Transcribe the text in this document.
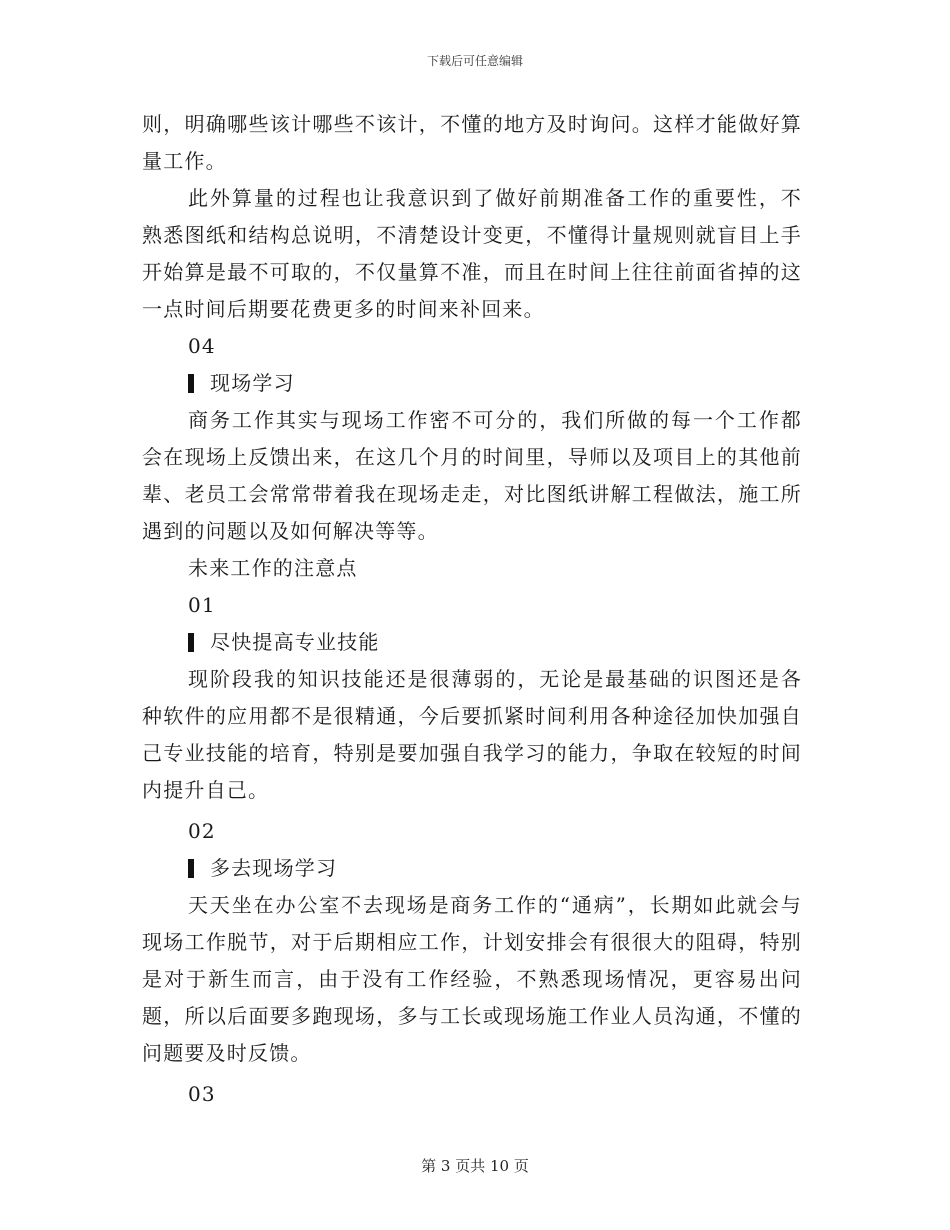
下载后可任意编辑

则，明确哪些该计哪些不该计，不懂的地方及时询问。这样才能做好算量工作。

此外算量的过程也让我意识到了做好前期准备工作的重要性，不熟悉图纸和结构总说明，不清楚设计变更，不懂得计量规则就盲目上手开始算是最不可取的，不仅量算不准，而且在时间上往往前面省掉的这一点时间后期要花费更多的时间来补回来。

04

现场学习

商务工作其实与现场工作密不可分的，我们所做的每一个工作都会在现场上反馈出来，在这几个月的时间里，导师以及项目上的其他前辈、老员工会常常带着我在现场走走，对比图纸讲解工程做法，施工所遇到的问题以及如何解决等等。

未来工作的注意点

01

尽快提高专业技能

现阶段我的知识技能还是很薄弱的，无论是最基础的识图还是各种软件的应用都不是很精通，今后要抓紧时间利用各种途径加快加强自己专业技能的培育，特别是要加强自我学习的能力，争取在较短的时间内提升自己。

02

多去现场学习

天天坐在办公室不去现场是商务工作的“通病”，长期如此就会与现场工作脱节，对于后期相应工作，计划安排会有很很大的阻碍，特别是对于新生而言，由于没有工作经验，不熟悉现场情况，更容易出问题，所以后面要多跑现场，多与工长或现场施工作业人员沟通，不懂的问题要及时反馈。

03

第 3 页共 10 页
